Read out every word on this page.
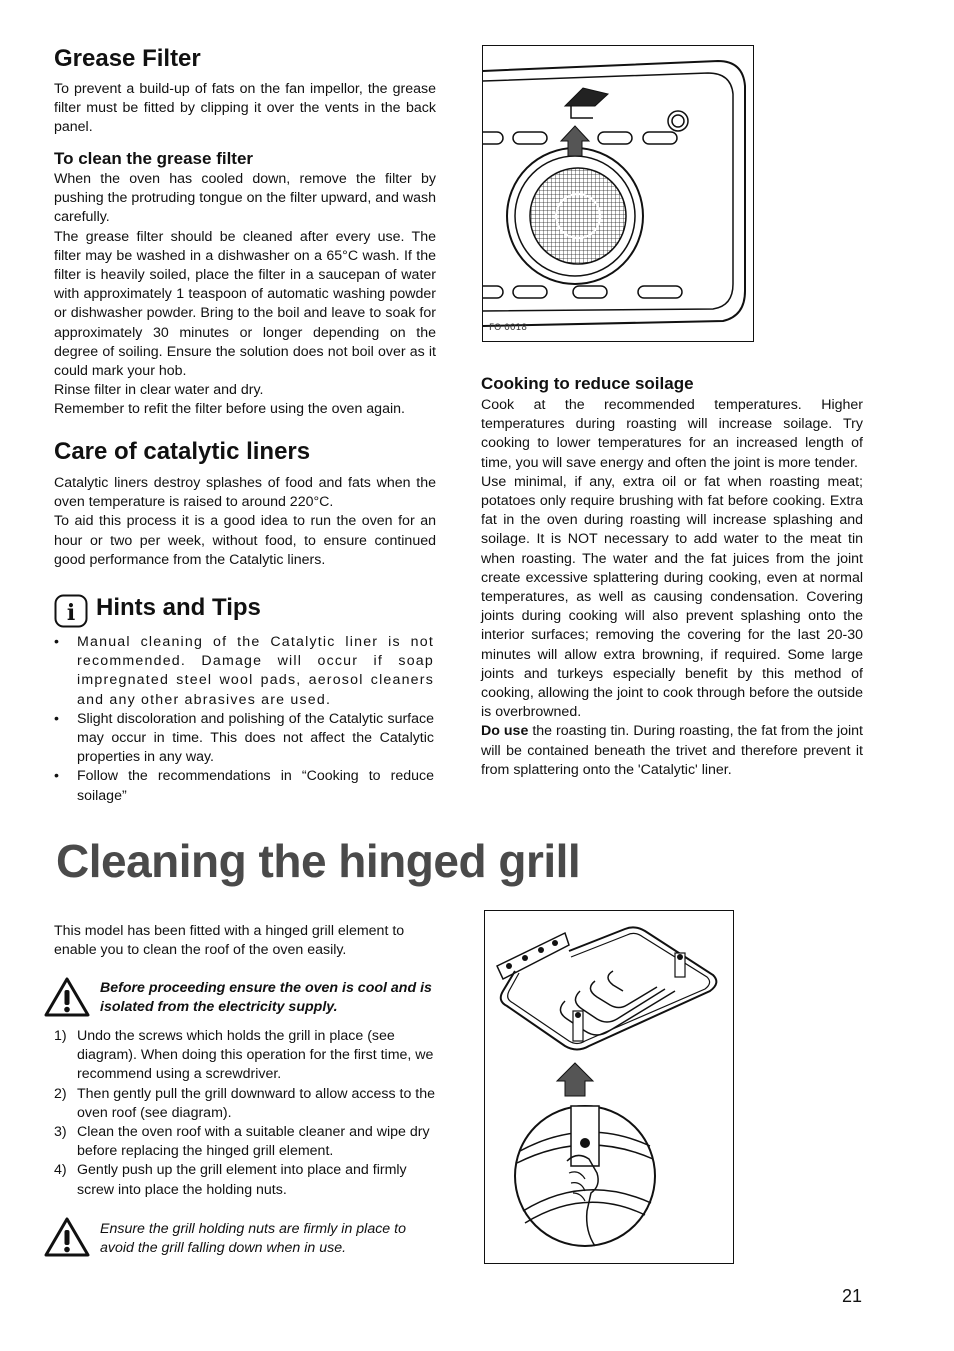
Grease Filter

To prevent a build-up of fats on the fan impellor, the grease filter must be fitted by clipping it over the vents in the back panel.

To clean the grease filter

When the oven has cooled down, remove the filter by pushing the protruding tongue on the filter upward, and wash carefully.

The grease filter should be cleaned after every use. The filter may be washed in a dishwasher on a 65°C wash. If the filter is heavily soiled, place the filter in a saucepan of water with approximately 1 teaspoon of automatic washing powder or dishwasher powder. Bring to the boil and leave to soak for approximately 30 minutes or longer depending on the degree of soiling. Ensure the solution does not boil over as it could mark your hob.

Rinse filter in clear water and dry.

Remember to refit the filter before using the oven again.

Care of catalytic liners

Catalytic liners destroy splashes of food and fats when the oven temperature is raised to around 220°C.

To aid this process it is a good idea to run the oven for an hour or two per week, without food, to ensure continued good performance from the Catalytic liners.

i Hints and Tips
• Manual cleaning of the Catalytic liner is not recommended. Damage will occur if soap impregnated steel wool pads, aerosol cleaners and any other abrasives are used.
• Slight discoloration and polishing of the Catalytic surface may occur in time. This does not affect the Catalytic properties in any way.
• Follow the recommendations in “Cooking to reduce soilage”
FO 0018
Cooking to reduce soilage

Cook at the recommended temperatures. Higher temperatures during roasting will increase soilage. Try cooking to lower temperatures for an increased length of time, you will save energy and often the joint is more tender.

Use minimal, if any, extra oil or fat when roasting meat; potatoes only require brushing with fat before cooking. Extra fat in the oven during roasting will increase splashing and soilage. It is NOT necessary to add water to the meat tin when roasting. The water and the fat juices from the joint create excessive splattering during cooking, even at normal temperatures, as well as causing condensation. Covering joints during cooking will also prevent splashing onto the interior surfaces; removing the covering for the last 20-30 minutes will allow extra browning, if required. Some large joints and turkeys especially benefit by this method of cooking, allowing the joint to cook through before the outside is overbrowned.

Do use the roasting tin. During roasting, the fat from the joint will be contained beneath the trivet and therefore prevent it from splattering onto the 'Catalytic' liner.

Cleaning the hinged grill

This model has been fitted with a hinged grill element to enable you to clean the roof of the oven easily.

Before proceeding ensure the oven is cool and is isolated from the electricity supply.
1) Undo the screws which holds the grill in place (see diagram). When doing this operation for the first time, we recommend using a screwdriver.
2) Then gently pull the grill downward to allow access to the oven roof (see diagram).
3) Clean the oven roof with a suitable cleaner and wipe dry before replacing the hinged grill element.
4) Gently push up the grill element into place and firmly screw into place the holding nuts.
Ensure the grill holding nuts are firmly in place to avoid the grill falling down when in use.
21
